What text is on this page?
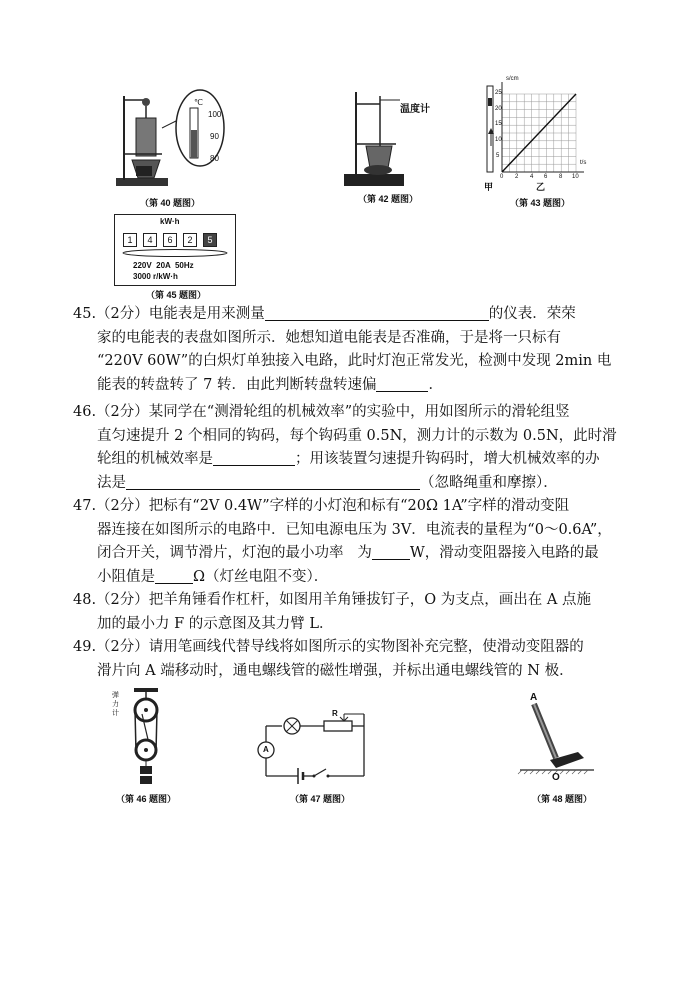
℃
100
90
80
（第 40 题图）
温度计
（第 42 题图）
s/cm
t/s
25
20
15
10
5
0 2 4 6 8 10
甲	乙
（第 43 题图）
kW·h
1 4 6 2 5
220V  20A  50Hz
3000 r/kW·h
（第 45 题图）

45.（2分）电能表是用来测量	的仪表．荣荣

家的电能表的表盘如图所示．她想知道电能表是否准确，于是将一只标有

“220V 60W”的白炽灯单独接入电路，此时灯泡正常发光，检测中发现 2min 电

能表的转盘转了 7 转．由此判断转盘转速偏	．

46.（2分）某同学在“测滑轮组的机械效率”的实验中，用如图所示的滑轮组竖

直匀速提升 2 个相同的钩码，每个钩码重 0.5N，测力计的示数为 0.5N，此时滑

轮组的机械效率是	；用该装置匀速提升钩码时，增大机械效率的办

法是	（忽略绳重和摩擦）．

47.（2分）把标有“2V 0.4W”字样的小灯泡和标有“20Ω 1A”字样的滑动变阻

器连接在如图所示的电路中．已知电源电压为 3V．电流表的量程为“0～0.6A”，

闭合开关，调节滑片，灯泡的最小功率   为	W，滑动变阻器接入电路的最

小阻值是	Ω（灯丝电阻不变）．

48.（2分）把羊角锤看作杠杆，如图用羊角锤拔钉子，O 为支点，画出在 A 点施

加的最小力 F 的示意图及其力臂 L．

49.（2分）请用笔画线代替导线将如图所示的实物图补充完整，使滑动变阻器的

滑片向 A 端移动时，通电螺线管的磁性增强，并标出通电螺线管的 N 极．

弹
力
计
（第 46 题图）
A
R
（第 47 题图）
A
O
（第 48 题图）
